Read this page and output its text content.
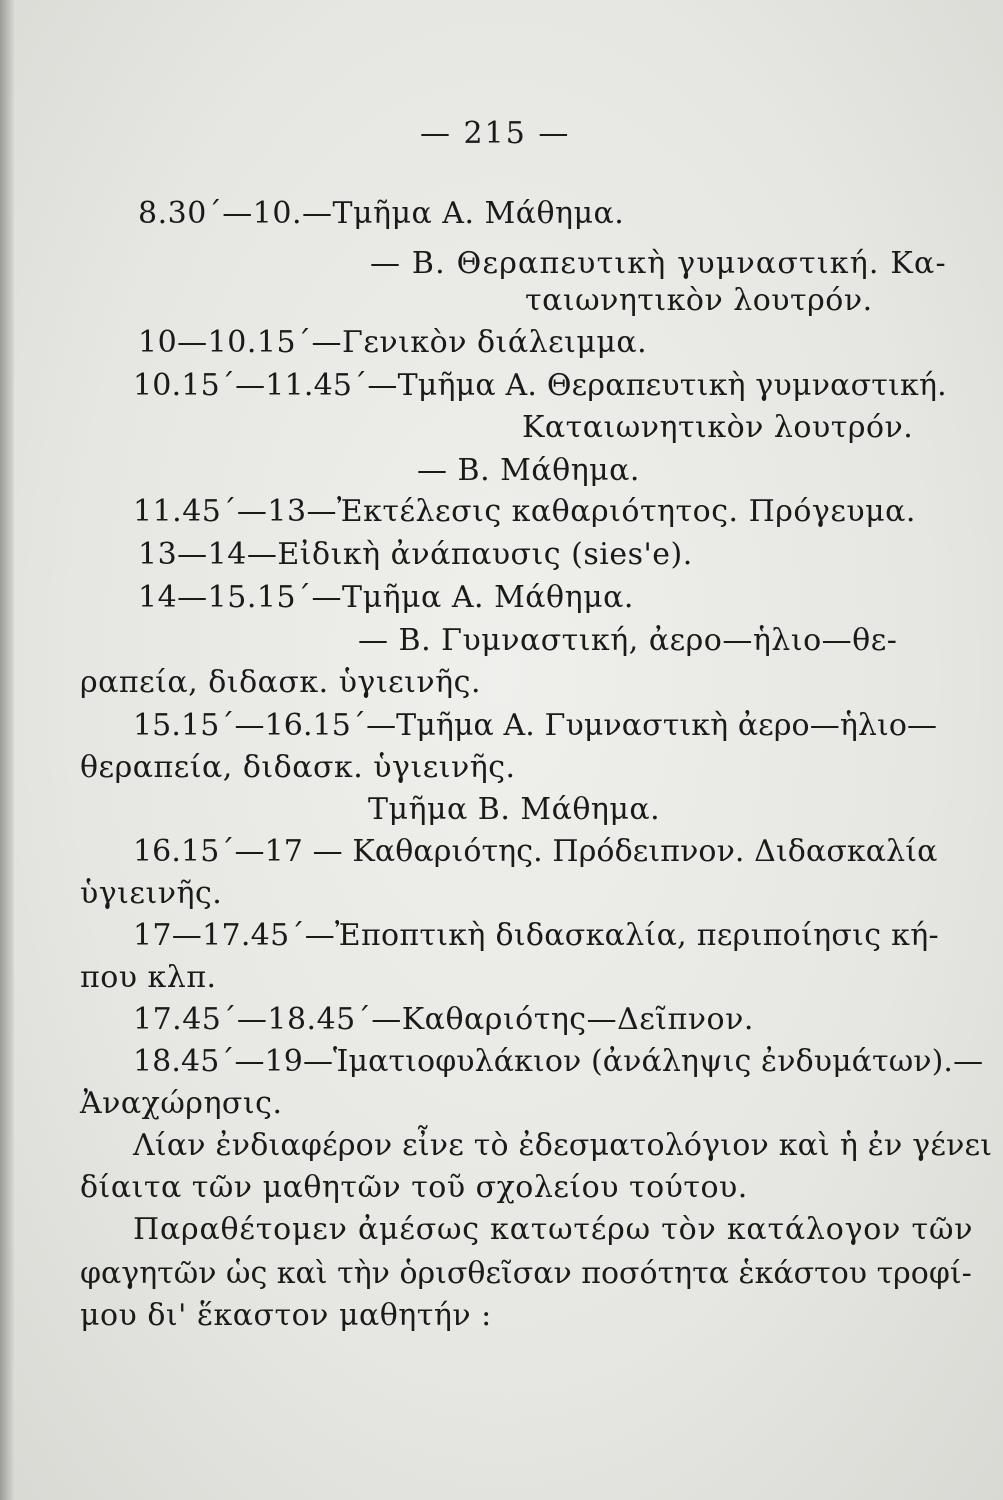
— 215 —
8.30΄—10.—Τμῆμα Α. Μάθημα.
— Β. Θεραπευτικὴ γυμναστική. Κα-
ταιωνητικὸν λουτρόν.
10—10.15΄—Γενικὸν διάλειμμα.
10.15΄—11.45΄—Τμῆμα Α. Θεραπευτικὴ γυμναστική.
Καταιωνητικὸν λουτρόν.
— Β. Μάθημα.
11.45΄—13—Ἐκτέλεσις καθαριότητος. Πρόγευμα.
13—14—Εἰδικὴ ἀνάπαυσις (sies'e).
14—15.15΄—Τμῆμα Α. Μάθημα.
— Β. Γυμναστική, ἀερο—ἡλιο—θε-
ραπεία, διδασκ. ὑγιεινῆς.
15.15΄—16.15΄—Τμῆμα Α. Γυμναστικὴ ἀερο—ἡλιο—
θεραπεία, διδασκ. ὑγιεινῆς.
Τμῆμα Β. Μάθημα.
16.15΄—17 — Καθαριότης. Πρόδειπνον. Διδασκαλία
ὑγιεινῆς.
17—17.45΄—Ἐποπτικὴ διδασκαλία, περιποίησις κή-
που κλπ.
17.45΄—18.45΄—Καθαριότης—Δεῖπνον.
18.45΄—19—Ἱματιοφυλάκιον (ἀνάληψις ἐνδυμάτων).—
Ἀναχώρησις.
Λίαν ἐνδιαφέρον εἶνε τὸ ἐδεσματολόγιον καὶ ἡ ἐν γένει
δίαιτα τῶν μαθητῶν τοῦ σχολείου τούτου.
Παραθέτομεν ἀμέσως κατωτέρω τὸν κατάλογον τῶν
φαγητῶν ὡς καὶ τὴν ὁρισθεῖσαν ποσότητα ἑκάστου τροφί-
μου δι' ἕκαστον μαθητήν :
